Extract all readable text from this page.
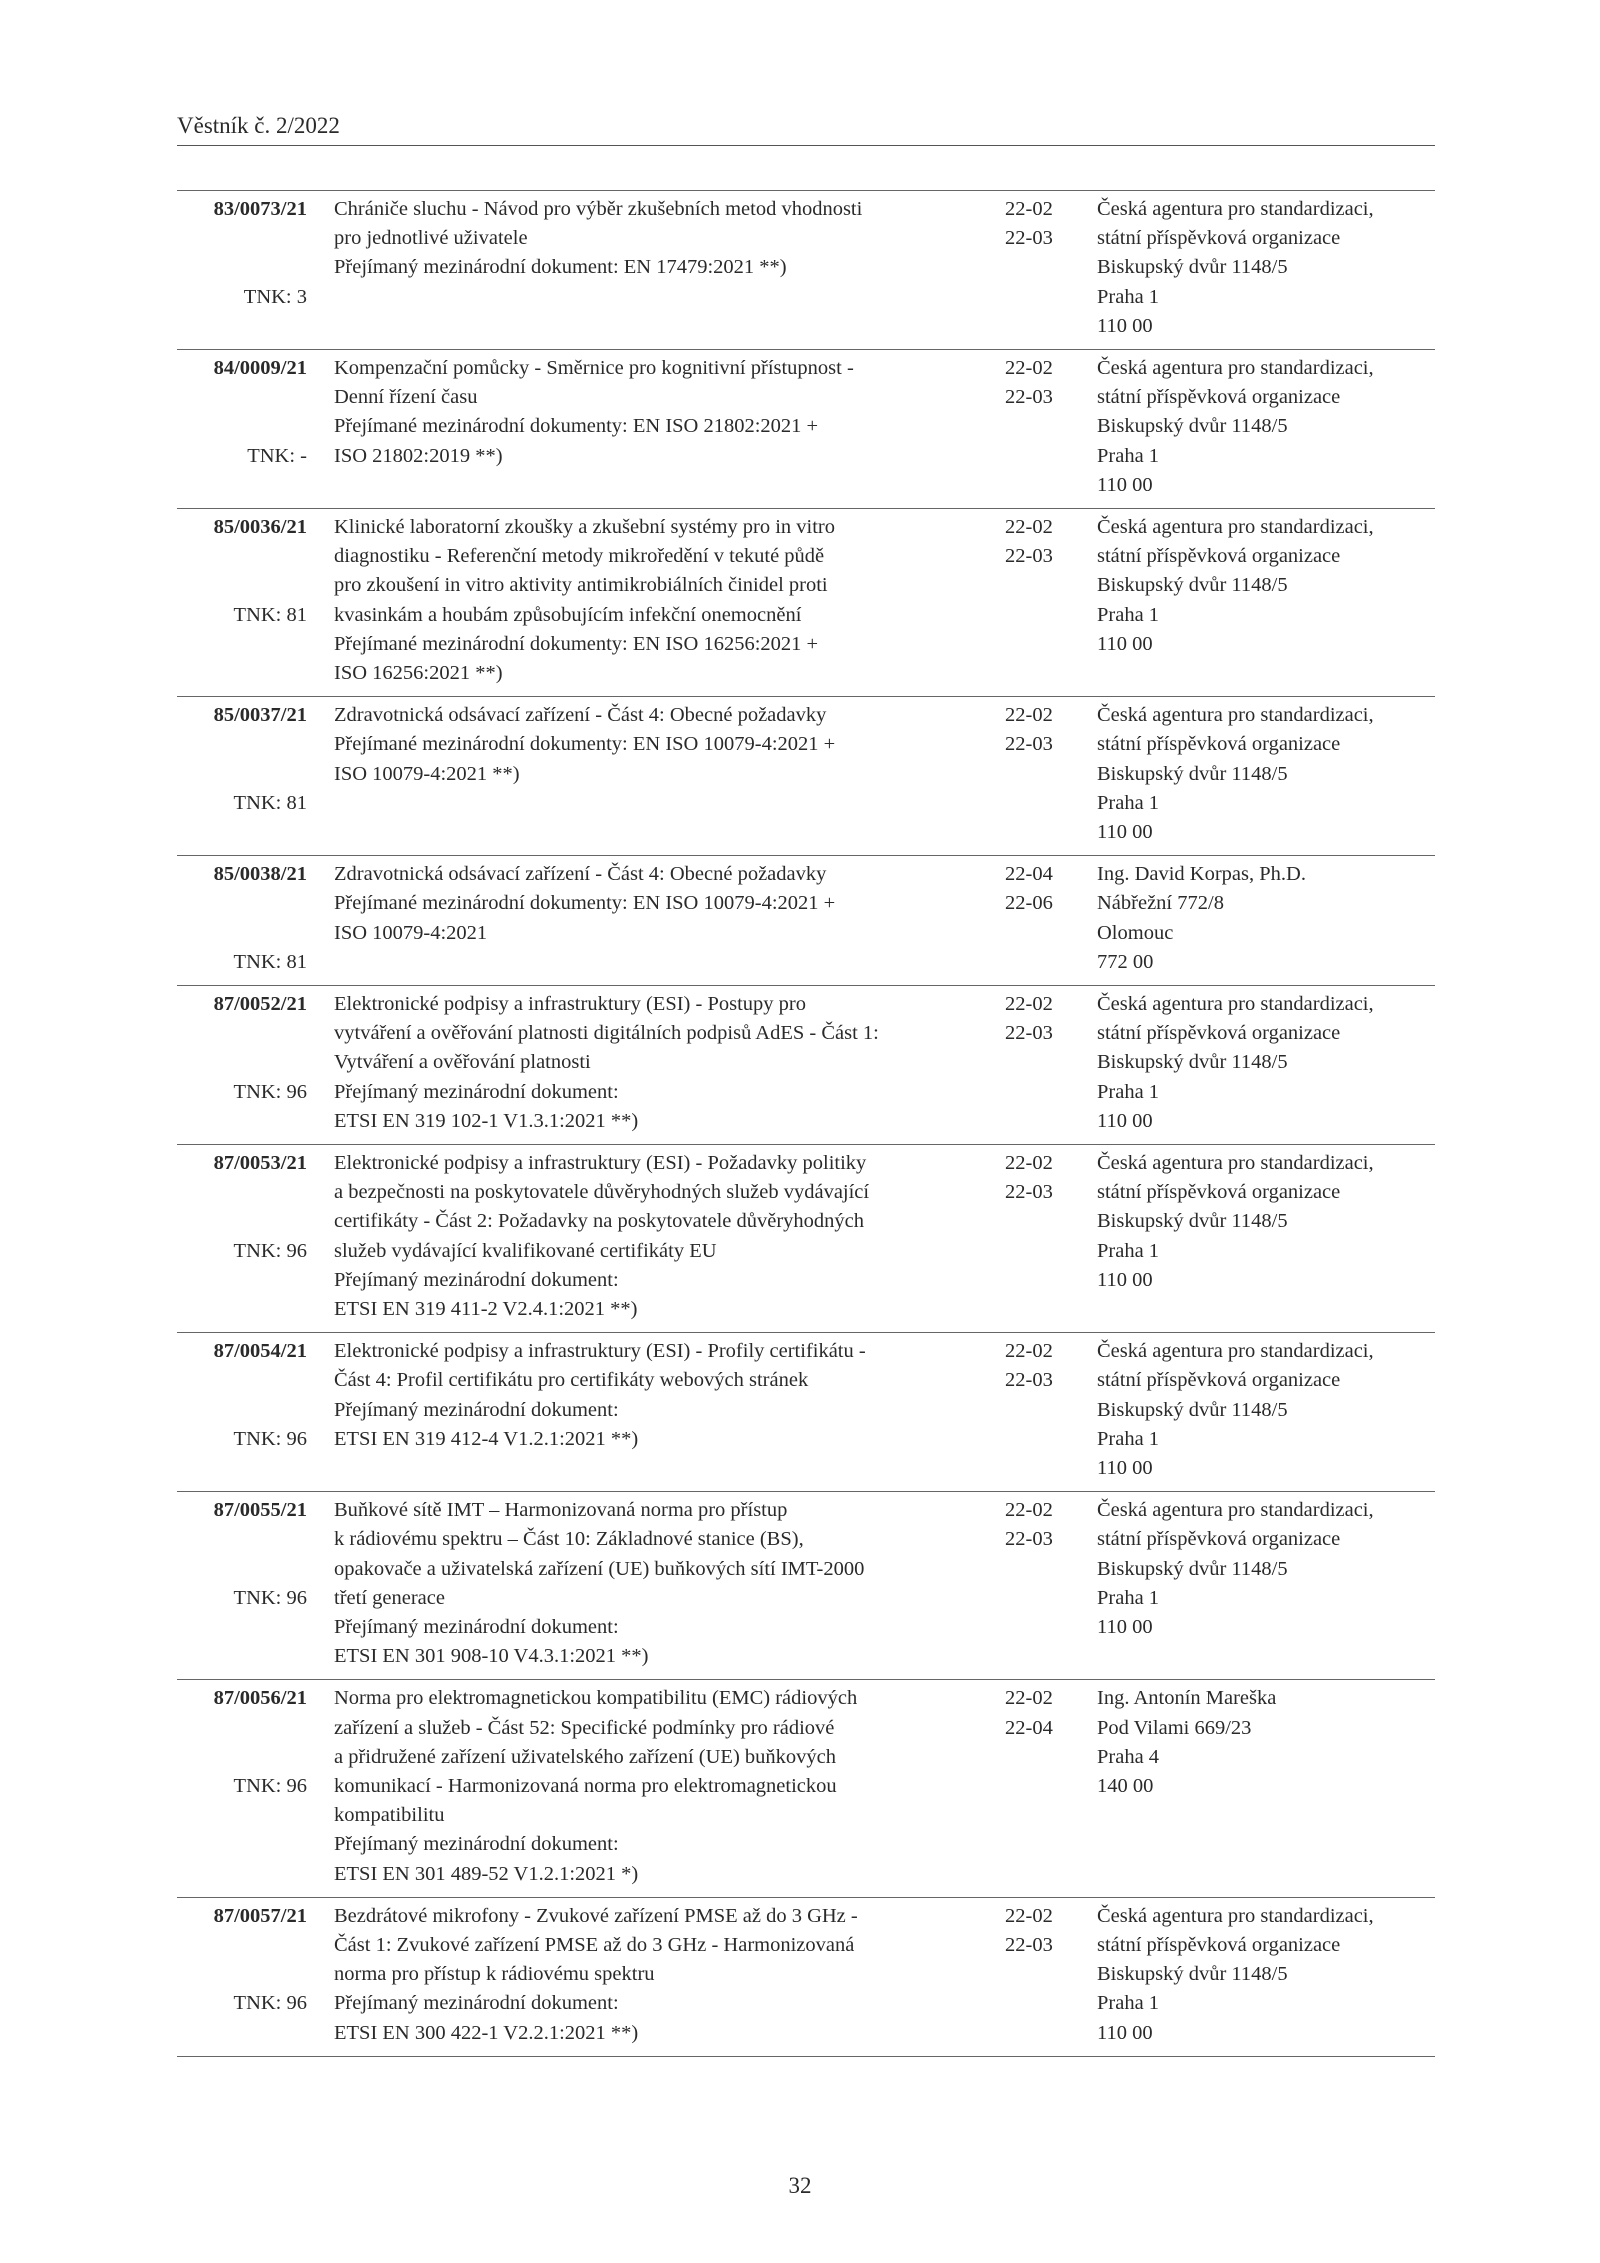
Věstník č. 2/2022
83/0073/21
TNK: 3
Chrániče sluchu - Návod pro výběr zkušebních metod vhodnosti
pro jednotlivé uživatele
Přejímaný mezinárodní dokument: EN 17479:2021 **)
22-02
22-03
Česká agentura pro standardizaci,
státní příspěvková organizace
Biskupský dvůr 1148/5
Praha 1
110 00
84/0009/21
TNK: -
Kompenzační pomůcky - Směrnice pro kognitivní přístupnost -
Denní řízení času
Přejímané mezinárodní dokumenty: EN ISO 21802:2021 +
ISO 21802:2019 **)
22-02
22-03
Česká agentura pro standardizaci,
státní příspěvková organizace
Biskupský dvůr 1148/5
Praha 1
110 00
85/0036/21
TNK: 81
Klinické laboratorní zkoušky a zkušební systémy pro in vitro
diagnostiku - Referenční metody mikroředění v tekuté půdě
pro zkoušení in vitro aktivity antimikrobiálních činidel proti
kvasinkám a houbám způsobujícím infekční onemocnění
Přejímané mezinárodní dokumenty: EN ISO 16256:2021 +
ISO 16256:2021 **)
22-02
22-03
Česká agentura pro standardizaci,
státní příspěvková organizace
Biskupský dvůr 1148/5
Praha 1
110 00
85/0037/21
TNK: 81
Zdravotnická odsávací zařízení - Část 4: Obecné požadavky
Přejímané mezinárodní dokumenty: EN ISO 10079-4:2021 +
ISO 10079-4:2021 **)
22-02
22-03
Česká agentura pro standardizaci,
státní příspěvková organizace
Biskupský dvůr 1148/5
Praha 1
110 00
85/0038/21
TNK: 81
Zdravotnická odsávací zařízení - Část 4: Obecné požadavky
Přejímané mezinárodní dokumenty: EN ISO 10079-4:2021 +
ISO 10079-4:2021
22-04
22-06
Ing. David Korpas, Ph.D.
Nábřežní 772/8
Olomouc
772 00
87/0052/21
TNK: 96
Elektronické podpisy a infrastruktury (ESI) - Postupy pro
vytváření a ověřování platnosti digitálních podpisů AdES - Část 1:
Vytváření a ověřování platnosti
Přejímaný mezinárodní dokument:
ETSI EN 319 102-1 V1.3.1:2021 **)
22-02
22-03
Česká agentura pro standardizaci,
státní příspěvková organizace
Biskupský dvůr 1148/5
Praha 1
110 00
87/0053/21
TNK: 96
Elektronické podpisy a infrastruktury (ESI) - Požadavky politiky
a bezpečnosti na poskytovatele důvěryhodných služeb vydávající
certifikáty - Část 2: Požadavky na poskytovatele důvěryhodných
služeb vydávající kvalifikované certifikáty EU
Přejímaný mezinárodní dokument:
ETSI EN 319 411-2 V2.4.1:2021 **)
22-02
22-03
Česká agentura pro standardizaci,
státní příspěvková organizace
Biskupský dvůr 1148/5
Praha 1
110 00
87/0054/21
TNK: 96
Elektronické podpisy a infrastruktury (ESI) - Profily certifikátu -
Část 4: Profil certifikátu pro certifikáty webových stránek
Přejímaný mezinárodní dokument:
ETSI EN 319 412-4 V1.2.1:2021 **)
22-02
22-03
Česká agentura pro standardizaci,
státní příspěvková organizace
Biskupský dvůr 1148/5
Praha 1
110 00
87/0055/21
TNK: 96
Buňkové sítě IMT – Harmonizovaná norma pro přístup
k rádiovému spektru – Část 10: Základnové stanice (BS),
opakovače a uživatelská zařízení (UE) buňkových sítí IMT-2000
třetí generace
Přejímaný mezinárodní dokument:
ETSI EN 301 908-10 V4.3.1:2021 **)
22-02
22-03
Česká agentura pro standardizaci,
státní příspěvková organizace
Biskupský dvůr 1148/5
Praha 1
110 00
87/0056/21
TNK: 96
Norma pro elektromagnetickou kompatibilitu (EMC) rádiových
zařízení a služeb - Část 52: Specifické podmínky pro rádiové
a přidružené zařízení uživatelského zařízení (UE) buňkových
komunikací - Harmonizovaná norma pro elektromagnetickou
kompatibilitu
Přejímaný mezinárodní dokument:
ETSI EN 301 489-52 V1.2.1:2021 *)
22-02
22-04
Ing. Antonín Mareška
Pod Vilami 669/23
Praha 4
140 00
87/0057/21
TNK: 96
Bezdrátové mikrofony - Zvukové zařízení PMSE až do 3 GHz -
Část 1: Zvukové zařízení PMSE až do 3 GHz - Harmonizovaná
norma pro přístup k rádiovému spektru
Přejímaný mezinárodní dokument:
ETSI EN 300 422-1 V2.2.1:2021 **)
22-02
22-03
Česká agentura pro standardizaci,
státní příspěvková organizace
Biskupský dvůr 1148/5
Praha 1
110 00
32
